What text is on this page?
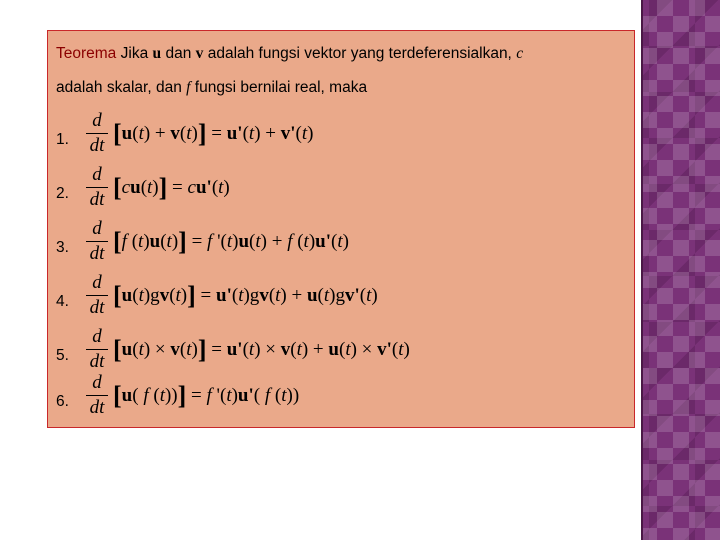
Teorema Jika u dan v adalah fungsi vektor yang terdeferensialkan, c
adalah skalar, dan f fungsi bernilai real, maka
1. $\frac{d}{dt} [u(t) + v(t)] = u'(t) + v'(t)$
2. $\frac{d}{dt} [cu(t)] = cu'(t)$
3. $\frac{d}{dt} [f$ (t)u(t)] = f '(t)u(t) + f (t)u'(t)
4. $\frac{d}{dt} [u(t)gv(t)] = u'(t)gv(t) + u(t)gv'(t)$
5. $\frac{d}{dt} [u(t) \times v(t)] = u'(t) \times v(t) + u(t) \times v'(t)$
6. $\frac{d}{dt} [u$( f (t))] = f '(t)u'( f (t))
